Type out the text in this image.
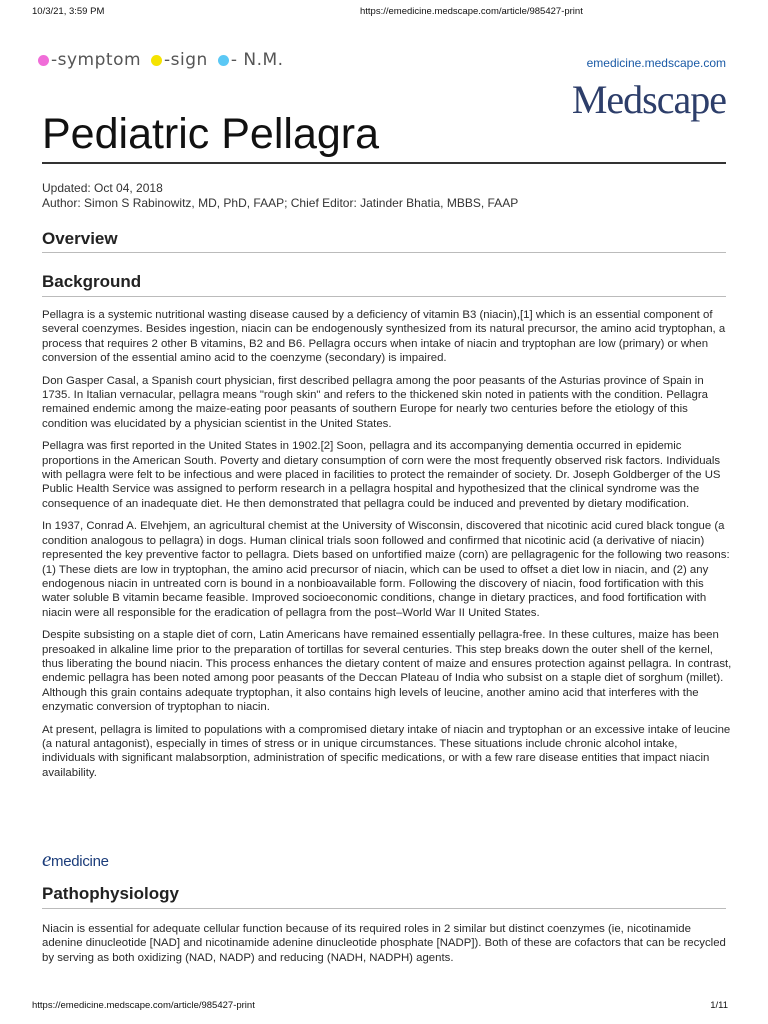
10/3/21, 3:59 PM	https://emedicine.medscape.com/article/985427-print
-symptom -sign - N.M.	emedicine.medscape.com
Medscape
Pediatric Pellagra
Updated: Oct 04, 2018
Author: Simon S Rabinowitz, MD, PhD, FAAP; Chief Editor: Jatinder Bhatia, MBBS, FAAP
Overview
Background

Pellagra is a systemic nutritional wasting disease caused by a deficiency of vitamin B3 (niacin),[1] which is an essential component of several coenzymes. Besides ingestion, niacin can be endogenously synthesized from its natural precursor, the amino acid tryptophan, a process that requires 2 other B vitamins, B2 and B6. Pellagra occurs when intake of niacin and tryptophan are low (primary) or when conversion of the essential amino acid to the coenzyme (secondary) is impaired.

Don Gasper Casal, a Spanish court physician, first described pellagra among the poor peasants of the Asturias province of Spain in 1735. In Italian vernacular, pellagra means "rough skin" and refers to the thickened skin noted in patients with the condition. Pellagra remained endemic among the maize-eating poor peasants of southern Europe for nearly two centuries before the etiology of this condition was elucidated by a physician scientist in the United States.

Pellagra was first reported in the United States in 1902.[2] Soon, pellagra and its accompanying dementia occurred in epidemic proportions in the American South. Poverty and dietary consumption of corn were the most frequently observed risk factors. Individuals with pellagra were felt to be infectious and were placed in facilities to protect the remainder of society. Dr. Joseph Goldberger of the US Public Health Service was assigned to perform research in a pellagra hospital and hypothesized that the clinical syndrome was the consequence of an inadequate diet. He then demonstrated that pellagra could be induced and prevented by dietary modification.

In 1937, Conrad A. Elvehjem, an agricultural chemist at the University of Wisconsin, discovered that nicotinic acid cured black tongue (a condition analogous to pellagra) in dogs. Human clinical trials soon followed and confirmed that nicotinic acid (a derivative of niacin) represented the key preventive factor to pellagra. Diets based on unfortified maize (corn) are pellagragenic for the following two reasons: (1) These diets are low in tryptophan, the amino acid precursor of niacin, which can be used to offset a diet low in niacin, and (2) any endogenous niacin in untreated corn is bound in a nonbioavailable form. Following the discovery of niacin, food fortification with this water soluble B vitamin became feasible. Improved socioeconomic conditions, change in dietary practices, and food fortification with niacin were all responsible for the eradication of pellagra from the post–World War II United States.

Despite subsisting on a staple diet of corn, Latin Americans have remained essentially pellagra-free. In these cultures, maize has been presoaked in alkaline lime prior to the preparation of tortillas for several centuries. This step breaks down the outer shell of the kernel, thus liberating the bound niacin. This process enhances the dietary content of maize and ensures protection against pellagra. In contrast, endemic pellagra has been noted among poor peasants of the Deccan Plateau of India who subsist on a staple diet of sorghum (millet). Although this grain contains adequate tryptophan, it also contains high levels of leucine, another amino acid that interferes with the enzymatic conversion of tryptophan to niacin.

At present, pellagra is limited to populations with a compromised dietary intake of niacin and tryptophan or an excessive intake of leucine (a natural antagonist), especially in times of stress or in unique circumstances. These situations include chronic alcohol intake, individuals with significant malabsorption, administration of specific medications, or with a few rare disease entities that impact niacin availability.

emedicine
Pathophysiology

Niacin is essential for adequate cellular function because of its required roles in 2 similar but distinct coenzymes (ie, nicotinamide adenine dinucleotide [NAD] and nicotinamide adenine dinucleotide phosphate [NADP]). Both of these are cofactors that can be recycled by serving as both oxidizing (NAD, NADP) and reducing (NADH, NADPH) agents.

https://emedicine.medscape.com/article/985427-print	1/11
